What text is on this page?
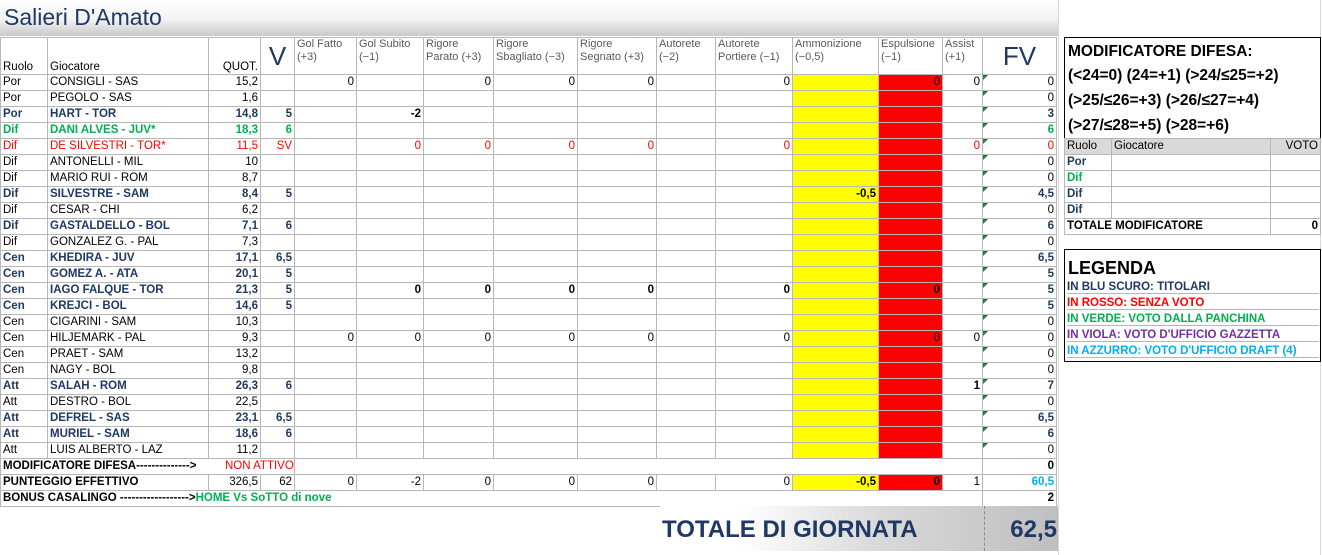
Salieri D'Amato
Ruolo	Giocatore	QUOT.	V	Gol Fatto (+3)	Gol Subito (−1)	Rigore Parato (+3)	Rigore Sbagliato (−3)	Rigore Segnato (+3)	Autorete (−2)	Autorete Portiere (−1)	Ammonizione (−0,5)	Espulsione (−1)	Assist (+1)	FV
Por	CONSIGLI - SAS	15,2		0		0	0	0		0		0	0	0

Por	PEGOLO - SAS	1,6												0

Por	HART - TOR	14,8	5		-2									3

Dif	DANI ALVES - JUV*	18,3	6											6

Dif	DE SILVESTRI - TOR*	11,5	SV		0	0	0	0		0			0	0

Dif	ANTONELLI - MIL	10												0

Dif	MARIO RUI - ROM	8,7												0

Dif	SILVESTRE - SAM	8,4	5								-0,5			4,5

Dif	CESAR - CHI	6,2												0

Dif	GASTALDELLO - BOL	7,1	6											6

Dif	GONZALEZ G. - PAL	7,3												0

Cen	KHEDIRA - JUV	17,1	6,5											6,5

Cen	GOMEZ A. - ATA	20,1	5											5

Cen	IAGO FALQUE - TOR	21,3	5		0	0	0	0		0		0		5

Cen	KREJCI - BOL	14,6	5											5

Cen	CIGARINI - SAM	10,3												0

Cen	HILJEMARK - PAL	9,3		0	0	0	0	0		0		0	0	0

Cen	PRAET - SAM	13,2												0

Cen	NAGY - BOL	9,8												0

Att	SALAH - ROM	26,3	6										1	7

Att	DESTRO - BOL	22,5												0

Att	DEFREL - SAS	23,1	6,5											6,5

Att	MURIEL - SAM	18,6	6											6

Att	LUIS ALBERTO - LAZ	11,2												0

MODIFICATORE DIFESA-------------->				NON ATTIVO										0
PUNTEGGIO EFFETTIVO		326,5	62	0	-2	0	0	0		0	-0,5	0	1	60,5
BONUS CASALINGO ------------------>HOME Vs SoTTO di nove														2
TOTALE DI GIORNATA	62,5
MODIFICATORE DIFESA:
(<24=0) (24=+1) (>24/≤25=+2)
(>25/≤26=+3) (>26/≤27=+4)
(>27/≤28=+5) (>28=+6)
Ruolo	Giocatore	VOTO
Por		
Dif		
Dif		
Dif		
TOTALE MODIFICATORE		0
LEGENDA
IN BLU SCURO: TITOLARI
IN ROSSO: SENZA VOTO
IN VERDE: VOTO DALLA PANCHINA
IN VIOLA: VOTO D'UFFICIO GAZZETTA
IN AZZURRO: VOTO D'UFFICIO DRAFT (4)
